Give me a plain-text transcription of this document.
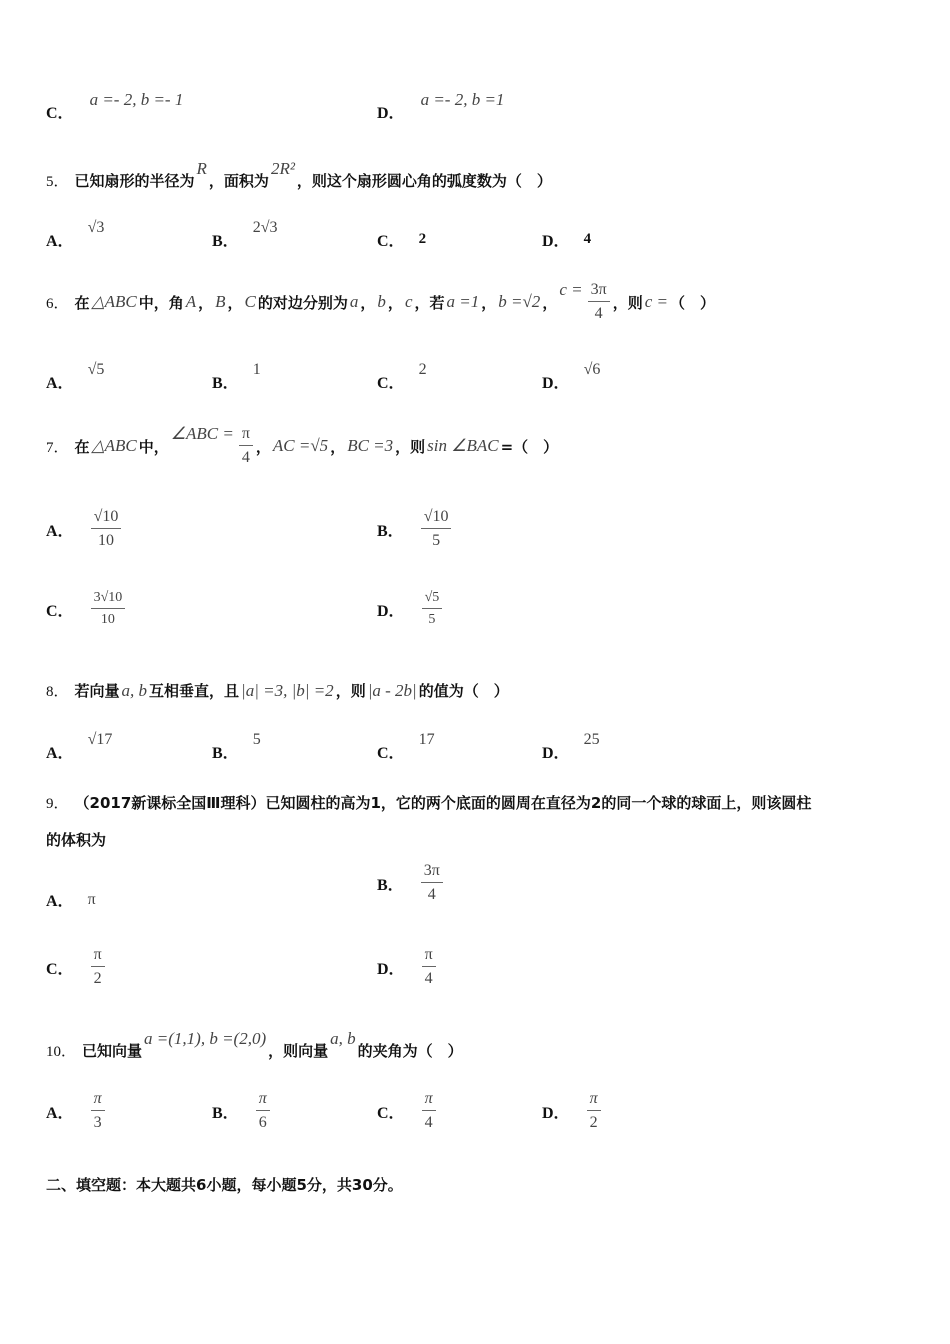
C．
a =- 2, b =- 1
D．
a =- 2, b =1
5． 已知扇形的半径为
R
，面积为
2R²
，则这个扇形圆心角的弧度数为（　）
A．
√3
B．
2√3
C． 2	D． 4
6． 在 △ABC 中，角 A ， B ， C 的对边分别为 a ， b ， c ，若 a =1 ， b =√2 ，
$c = \frac{3\pi}{4}$ ，则 c = （　）
A．
√5
B．
1
C．
2
D．
√6
7． 在 △ABC 中，
∠ABC = $\frac{\pi}{4}$ ， AC =√5 ， BC =3 ，则 sin ∠BAC =（　）
A． $\frac{√10}{10}$	B． $\frac{√10}{5}$
C． $\frac{3√10}{10}$	D． $\frac{√5}{5}$
8． 若向量 a, b 互相垂直，且 |a| =3, |b| =2 ，则 |a - 2b| 的值为（　）
A．
√17
B．
5
C．
17
D．
25
9． （2017新课标全国Ⅲ理科）已知圆柱的高为1，它的两个底面的圆周在直径为2的同一个球的球面上，则该圆柱
的体积为
A． π
B． $\frac{3\pi}{4}$
C． $\frac{\pi}{2}$	D． $\frac{\pi}{4}$
10． 已知向量
a =(1,1), b =(2,0)
，则向量
a, b
的夹角为（　）
A． $\frac{\pi}{3}$	B． $\frac{\pi}{6}$	C． $\frac{\pi}{4}$	D． $\frac{\pi}{2}$
二、填空题：本大题共6小题，每小题5分，共30分。
